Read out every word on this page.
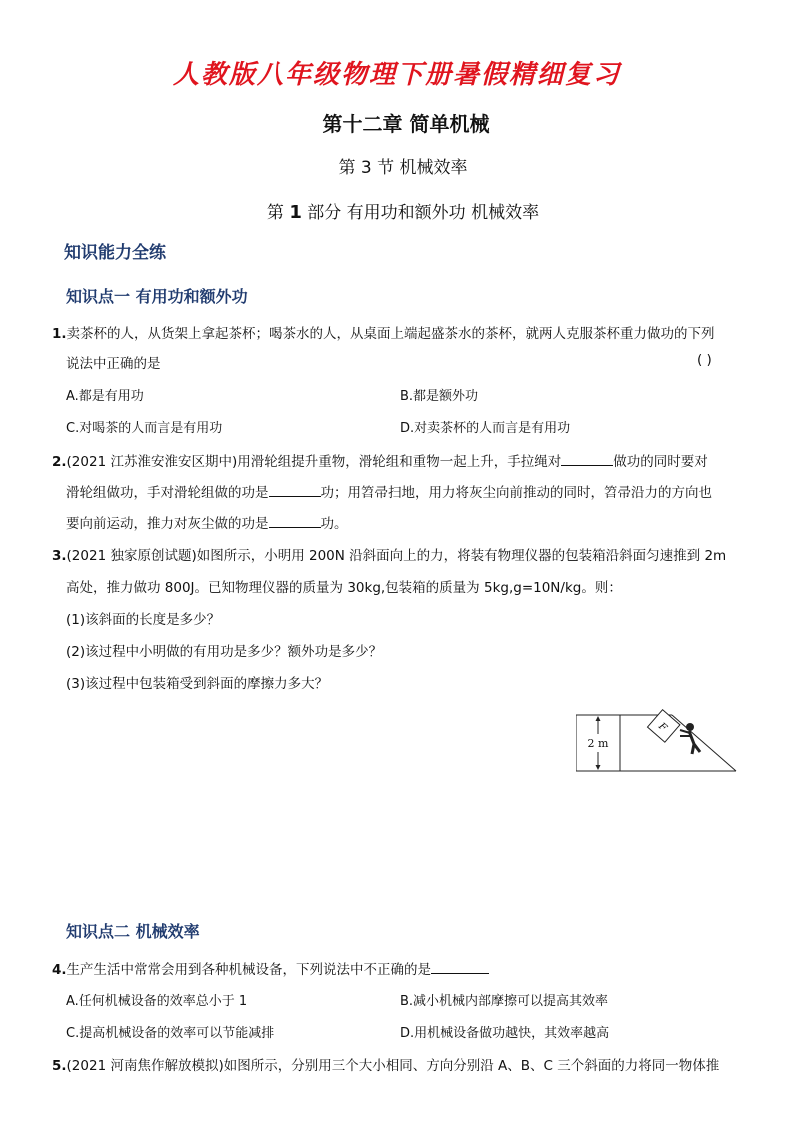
人教版八年级物理下册暑假精细复习
第十二章 简单机械
第 3 节 机械效率
第 1 部分 有用功和额外功 机械效率
知识能力全练
知识点一 有用功和额外功
1.卖茶杯的人，从货架上拿起茶杯；喝茶水的人，从桌面上端起盛茶水的茶杯，就两人克服茶杯重力做功的下列
说法中正确的是	( )
A.都是有用功	B.都是额外功
C.对喝茶的人而言是有用功	D.对卖茶杯的人而言是有用功
2.(2021 江苏淮安淮安区期中)用滑轮组提升重物，滑轮组和重物一起上升，手拉绳对	做功的同时要对
滑轮组做功，手对滑轮组做的功是	功；用笤帚扫地，用力将灰尘向前推动的同时，笤帚沿力的方向也
要向前运动，推力对灰尘做的功是	功。
3.(2021 独家原创试题)如图所示，小明用 200N 沿斜面向上的力，将装有物理仪器的包装箱沿斜面匀速推到 2m
高处，推力做功 800J。已知物理仪器的质量为 30kg,包装箱的质量为 5kg,g=10N/kg。则：
(1)该斜面的长度是多少？
(2)该过程中小明做的有用功是多少？额外功是多少？
(3)该过程中包装箱受到斜面的摩擦力多大？
2 m
F
知识点二 机械效率
4.生产生活中常常会用到各种机械设备，下列说法中不正确的是
A.任何机械设备的效率总小于 1	B.减小机械内部摩擦可以提高其效率
C.提高机械设备的效率可以节能减排	D.用机械设备做功越快，其效率越高
5.(2021 河南焦作解放模拟)如图所示，分别用三个大小相同、方向分别沿 A、B、C 三个斜面的力将同一物体推
